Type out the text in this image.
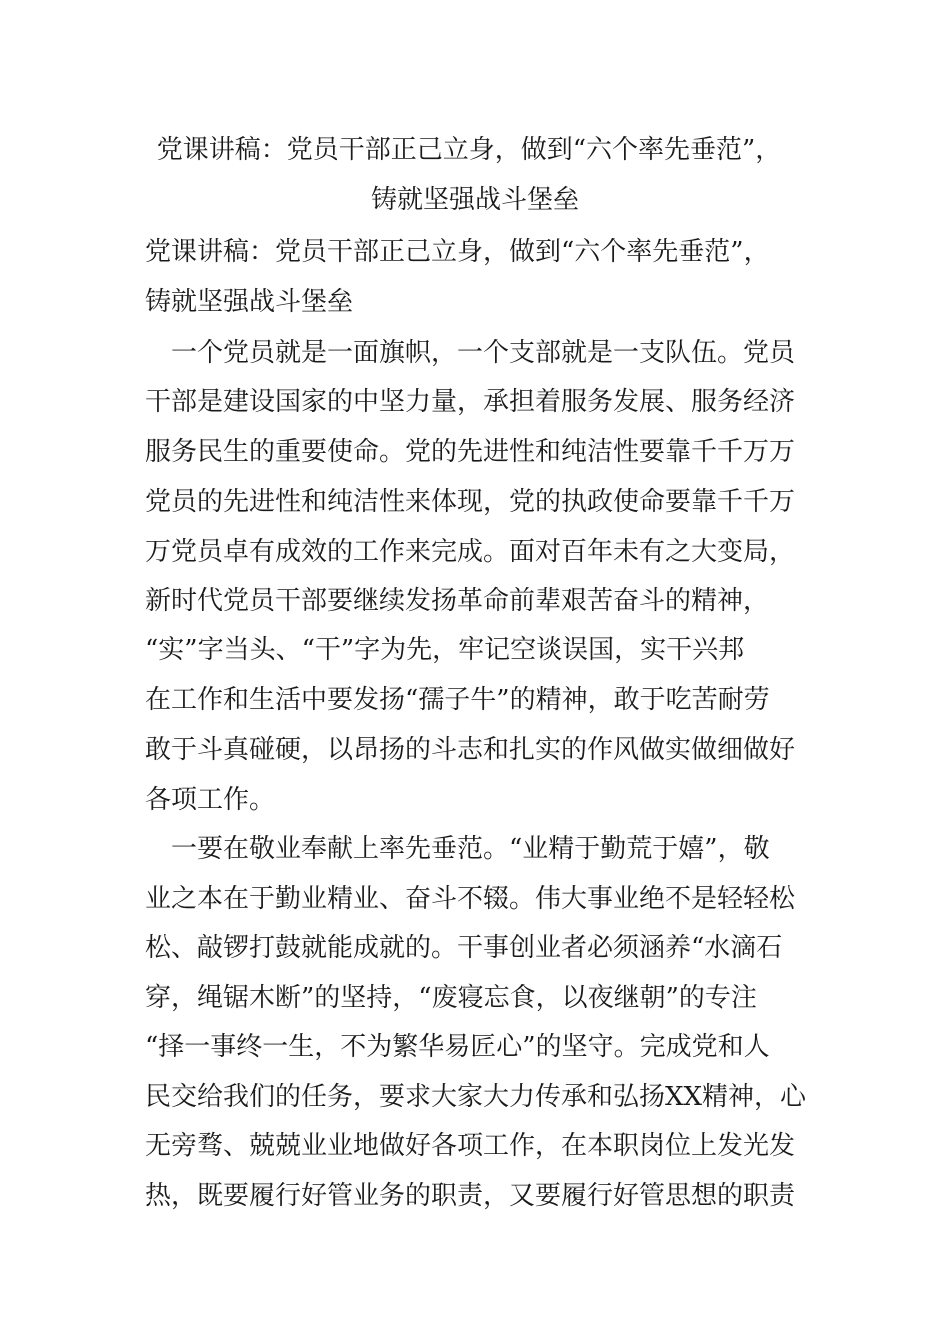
党课讲稿：党员干部正己立身，做到“六个率先垂范”，
铸就坚强战斗堡垒
党课讲稿：党员干部正己立身，做到“六个率先垂范”，
铸就坚强战斗堡垒
　一个党员就是一面旗帜，一个支部就是一支队伍。党员
干部是建设国家的中坚力量，承担着服务发展、服务经济
服务民生的重要使命。党的先进性和纯洁性要靠千千万万
党员的先进性和纯洁性来体现，党的执政使命要靠千千万
万党员卓有成效的工作来完成。面对百年未有之大变局，
新时代党员干部要继续发扬革命前辈艰苦奋斗的精神，
“实”字当头、“干”字为先，牢记空谈误国，实干兴邦
在工作和生活中要发扬“孺子牛”的精神，敢于吃苦耐劳
敢于斗真碰硬，以昂扬的斗志和扎实的作风做实做细做好
各项工作。
　一要在敬业奉献上率先垂范。“业精于勤荒于嬉”，敬
业之本在于勤业精业、奋斗不辍。伟大事业绝不是轻轻松
松、敲锣打鼓就能成就的。干事创业者必须涵养“水滴石
穿，绳锯木断”的坚持，“废寝忘食，以夜继朝”的专注
“择一事终一生，不为繁华易匠心”的坚守。完成党和人
民交给我们的任务，要求大家大力传承和弘扬XX精神，心
无旁骛、兢兢业业地做好各项工作，在本职岗位上发光发
热，既要履行好管业务的职责，又要履行好管思想的职责
